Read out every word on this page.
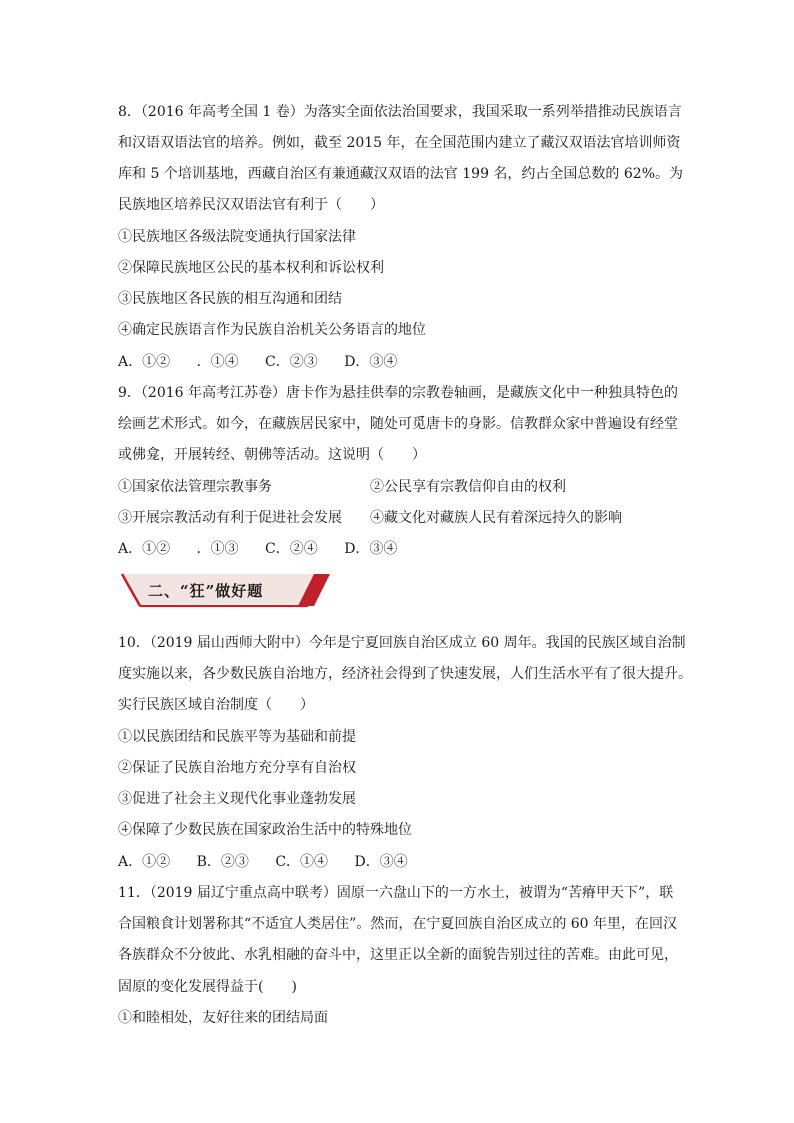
8．（2016 年高考全国 1 卷）为落实全面依法治国要求，我国采取一系列举措推动民族语言
和汉语双语法官的培养。例如，截至 2015 年，在全国范围内建立了藏汉双语法官培训师资
库和 5 个培训基地，西藏自治区有兼通藏汉双语的法官 199 名，约占全国总数的 62%。为
民族地区培养民汉双语法官有利于（　　）
①民族地区各级法院变通执行国家法律
②保障民族地区公民的基本权利和诉讼权利
③民族地区各民族的相互沟通和团结
④确定民族语言作为民族自治机关公务语言的地位
A．①② ．①④ C．②③ D．③④
9．（2016 年高考江苏卷）唐卡作为悬挂供奉的宗教卷轴画，是藏族文化中一种独具特色的
绘画艺术形式。如今，在藏族居民家中，随处可觅唐卡的身影。信教群众家中普遍设有经堂
或佛龛，开展转经、朝佛等活动。这说明（　　）
①国家依法管理宗教事务	②公民享有宗教信仰自由的权利
③开展宗教活动有利于促进社会发展	④藏文化对藏族人民有着深远持久的影响
A．①② ．①③ C．②④ D．③④
二、“狂”做好题
10．（2019 届山西师大附中）今年是宁夏回族自治区成立 60 周年。我国的民族区域自治制
度实施以来，各少数民族自治地方，经济社会得到了快速发展，人们生活水平有了很大提升。
实行民族区域自治制度（　　）
①以民族团结和民族平等为基础和前提
②保证了民族自治地方充分享有自治权
③促进了社会主义现代化事业蓬勃发展
④保障了少数民族在国家政治生活中的特殊地位
A．①② B．②③ C．①④ D．③④
11．（2019 届辽宁重点高中联考）固原一六盘山下的一方水土，被谓为“苦瘠甲天下”，联
合国粮食计划署称其“不适宜人类居住”。然而，在宁夏回族自治区成立的 60 年里，在回汉
各族群众不分彼此、水乳相融的奋斗中，这里正以全新的面貌告别过往的苦难。由此可见，
固原的变化发展得益于(　　)
①和睦相处，友好往来的团结局面
